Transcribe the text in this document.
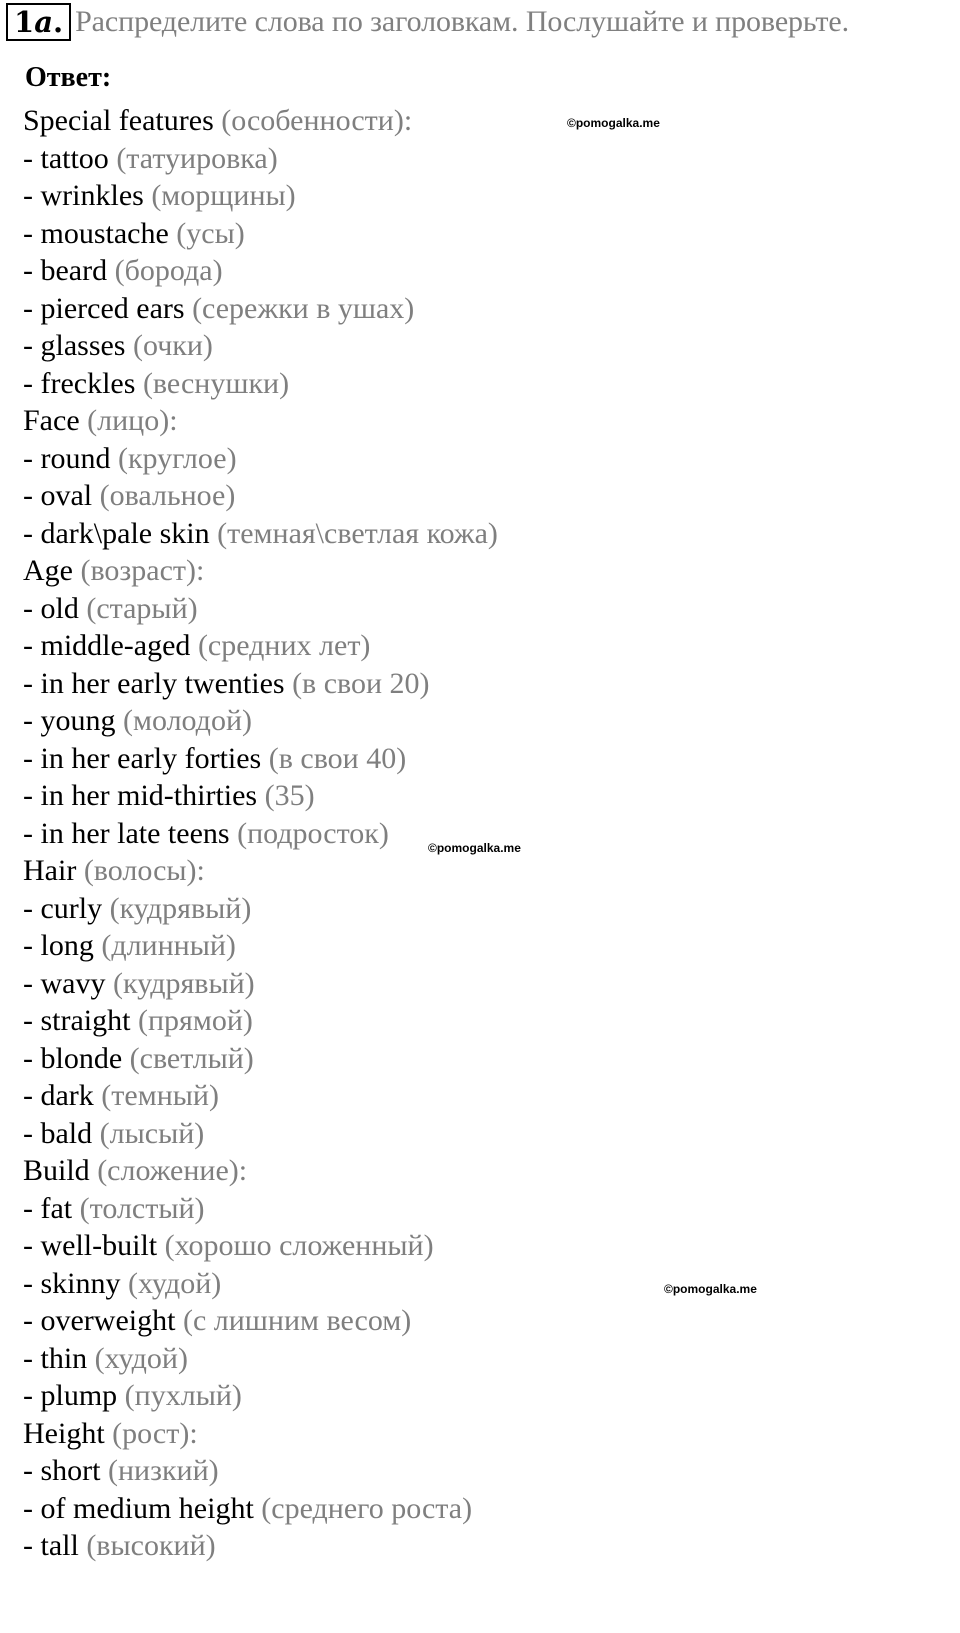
1a. Распределите слова по заголовкам. Послушайте и проверьте.
Ответ:
Special features (особенности):
- tattoo (татуировка)
- wrinkles (морщины)
- moustache (усы)
- beard (борода)
- pierced ears (сережки в ушах)
- glasses (очки)
- freckles (веснушки)
Face (лицо):
- round (круглое)
- oval (овальное)
- dark\pale skin (темная\светлая кожа)
Age (возраст):
- old (старый)
- middle-aged (средних лет)
- in her early twenties (в свои 20)
- young (молодой)
- in her early forties (в свои 40)
- in her mid-thirties (35)
- in her late teens (подросток)
Hair (волосы):
- curly (кудрявый)
- long (длинный)
- wavy (кудрявый)
- straight (прямой)
- blonde (светлый)
- dark (темный)
- bald (лысый)
Build (сложение):
- fat (толстый)
- well-built (хорошо сложенный)
- skinny (худой)
- overweight (с лишним весом)
- thin (худой)
- plump (пухлый)
Height (рост):
- short (низкий)
- of medium height (среднего роста)
- tall (высокий)
©pomogalka.me
©pomogalka.me
©pomogalka.me
